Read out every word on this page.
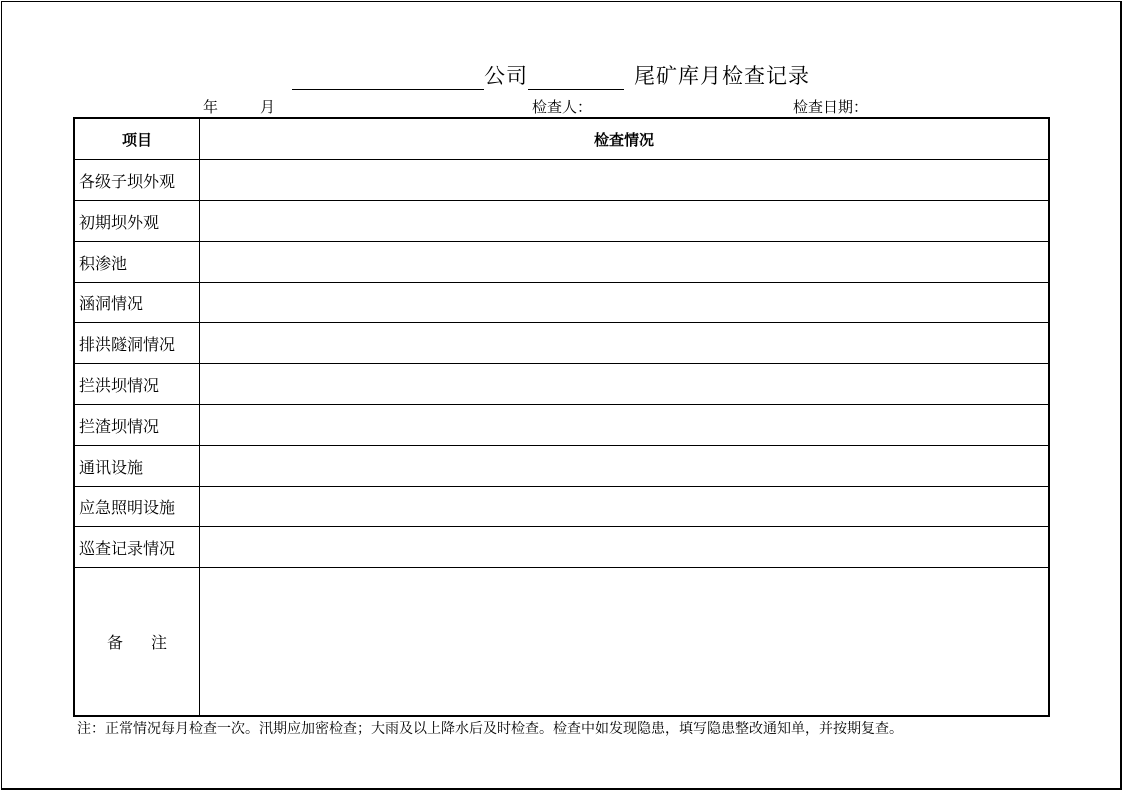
公司	尾矿库月检查记录
年	月	检查人：	检查日期：
项目	检查情况
各级子坝外观
初期坝外观
积渗池
涵洞情况
排洪隧洞情况
拦洪坝情况
拦渣坝情况
通讯设施
应急照明设施
巡查记录情况
备注
注：正常情况每月检查一次。汛期应加密检查；大雨及以上降水后及时检查。检查中如发现隐患，填写隐患整改通知单，并按期复查。
